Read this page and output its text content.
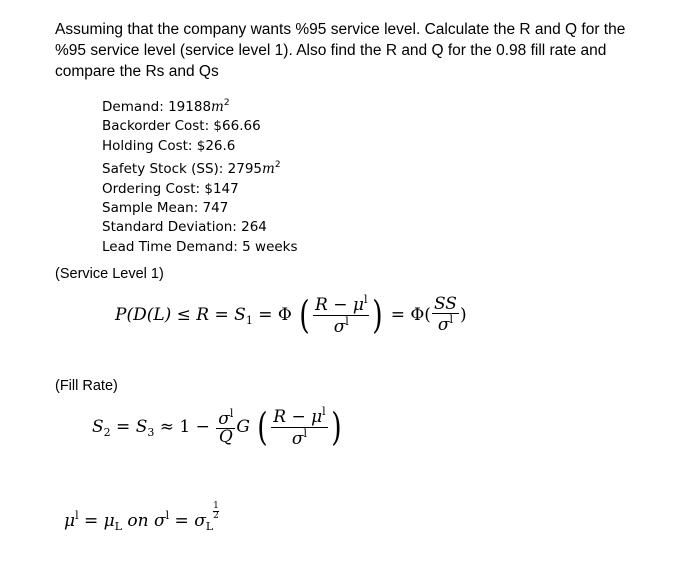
Assuming that the company wants %95 service level. Calculate the R and Q for the
%95 service level (service level 1). Also find the R and Q for the 0.98 fill rate and
compare the Rs and Qs
Demand: $19188m^2$
Backorder Cost: $66.66
Holding Cost: $26.6
Safety Stock (SS): $2795m^2$
Ordering Cost: $147
Sample Mean: 747
Standard Deviation: 264
Lead Time Demand: 5 weeks
(Service Level 1)
$P(D(L) \le R = S_1 = \Phi$ ( $\frac{R - \mu^l}{\sigma^l}$ ) = $\Phi( \frac{SS}{\sigma^l}$ )
(Fill Rate)
$S_2 = S_3 \approx 1 - \frac{\sigma^l}{Q}$ G ( $\frac{R - \mu^l}{\sigma^l}$ )
$\mu^l = \mu_L$ on $\sigma^l = \sigma_L$
$\frac{1}{2}$
